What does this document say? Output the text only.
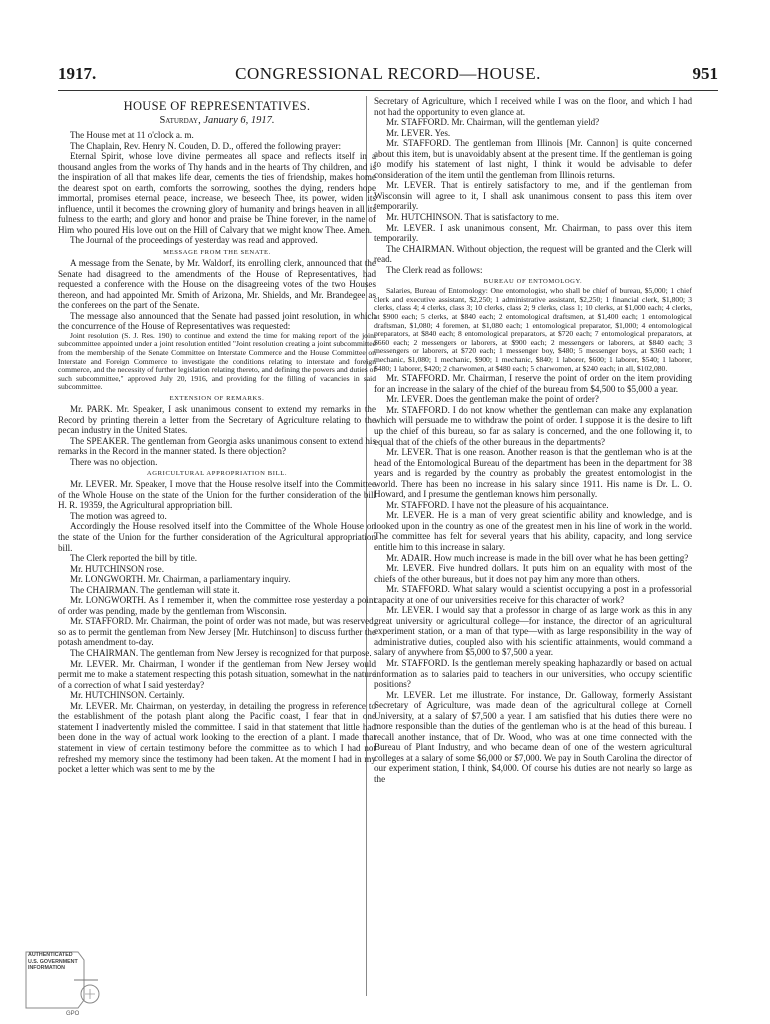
1917.	CONGRESSIONAL RECORD—HOUSE.	951
HOUSE OF REPRESENTATIVES.
Saturday, January 6, 1917.

The House met at 11 o'clock a. m.

The Chaplain, Rev. Henry N. Couden, D. D., offered the following prayer:

Eternal Spirit, whose love divine permeates all space and reflects itself in a thousand angles from the works of Thy hands and in the hearts of Thy children, and is the inspiration of all that makes life dear, cements the ties of friendship, makes home the dearest spot on earth, comforts the sorrowing, soothes the dying, renders hope immortal, promises eternal peace, increase, we beseech Thee, its power, widen its influence, until it becomes the crowning glory of humanity and brings heaven in all its fulness to the earth; and glory and honor and praise be Thine forever, in the name of Him who poured His love out on the Hill of Calvary that we might know Thee. Amen.

The Journal of the proceedings of yesterday was read and approved.

MESSAGE FROM THE SENATE.

A message from the Senate, by Mr. Waldorf, its enrolling clerk, announced that the Senate had disagreed to the amendments of the House of Representatives, had requested a conference with the House on the disagreeing votes of the two Houses thereon, and had appointed Mr. Smith of Arizona, Mr. Shields, and Mr. Brandegee as the conferees on the part of the Senate.

The message also announced that the Senate had passed joint resolution, in which the concurrence of the House of Representatives was requested:

Joint resolution (S. J. Res. 190) to continue and extend the time for making report of the joint subcommittee appointed under a joint resolution entitled "Joint resolution creating a joint subcommittee from the membership of the Senate Committee on Interstate Commerce and the House Committee on Interstate and Foreign Commerce to investigate the conditions relating to interstate and foreign commerce, and the necessity of further legislation relating thereto, and defining the powers and duties of such subcommittee," approved July 20, 1916, and providing for the filling of vacancies in said subcommittee.

EXTENSION OF REMARKS.

Mr. PARK. Mr. Speaker, I ask unanimous consent to extend my remarks in the Record by printing therein a letter from the Secretary of Agriculture relating to the pecan industry in the United States.

The SPEAKER. The gentleman from Georgia asks unanimous consent to extend his remarks in the Record in the manner stated. Is there objection?

There was no objection.

AGRICULTURAL APPROPRIATION BILL.

Mr. LEVER. Mr. Speaker, I move that the House resolve itself into the Committee of the Whole House on the state of the Union for the further consideration of the bill H. R. 19359, the Agricultural appropriation bill.

The motion was agreed to.

Accordingly the House resolved itself into the Committee of the Whole House on the state of the Union for the further consideration of the Agricultural appropriation bill.

The Clerk reported the bill by title.

Mr. HUTCHINSON rose.

Mr. LONGWORTH. Mr. Chairman, a parliamentary inquiry.

The CHAIRMAN. The gentleman will state it.

Mr. LONGWORTH. As I remember it, when the committee rose yesterday a point of order was pending, made by the gentleman from Wisconsin.

Mr. STAFFORD. Mr. Chairman, the point of order was not made, but was reserved, so as to permit the gentleman from New Jersey [Mr. Hutchinson] to discuss further the potash amendment to-day.

The CHAIRMAN. The gentleman from New Jersey is recognized for that purpose.

Mr. LEVER. Mr. Chairman, I wonder if the gentleman from New Jersey would permit me to make a statement respecting this potash situation, somewhat in the nature of a correction of what I said yesterday?

Mr. HUTCHINSON. Certainly.

Mr. LEVER. Mr. Chairman, on yesterday, in detailing the progress in reference to the establishment of the potash plant along the Pacific coast, I fear that in one statement I inadvertently misled the committee. I said in that statement that little had been done in the way of actual work looking to the erection of a plant. I made that statement in view of certain testimony before the committee as to which I had not refreshed my memory since the testimony had been taken. At the moment I had in my pocket a letter which was sent to me by the

Secretary of Agriculture, which I received while I was on the floor, and which I had not had the opportunity to even glance at.

Mr. STAFFORD. Mr. Chairman, will the gentleman yield?

Mr. LEVER. Yes.

Mr. STAFFORD. The gentleman from Illinois [Mr. Cannon] is quite concerned about this item, but is unavoidably absent at the present time. If the gentleman is going to modify his statement of last night, I think it would be advisable to defer consideration of the item until the gentleman from Illinois returns.

Mr. LEVER. That is entirely satisfactory to me, and if the gentleman from Wisconsin will agree to it, I shall ask unanimous consent to pass this item over temporarily.

Mr. HUTCHINSON. That is satisfactory to me.

Mr. LEVER. I ask unanimous consent, Mr. Chairman, to pass over this item temporarily.

The CHAIRMAN. Without objection, the request will be granted and the Clerk will read.

The Clerk read as follows:

BUREAU OF ENTOMOLOGY.

Salaries, Bureau of Entomology: One entomologist, who shall be chief of bureau, $5,000; 1 chief clerk and executive assistant, $2,250; 1 administrative assistant, $2,250; 1 financial clerk, $1,800; 3 clerks, class 4; 4 clerks, class 3; 10 clerks, class 2; 9 clerks, class 1; 10 clerks, at $1,000 each; 4 clerks, at $900 each; 5 clerks, at $840 each; 2 entomological draftsmen, at $1,400 each; 1 entomological draftsman, $1,080; 4 foremen, at $1,080 each; 1 entomological preparator, $1,000; 4 entomological preparators, at $840 each; 8 entomological preparators, at $720 each; 7 entomological preparators, at $660 each; 2 messengers or laborers, at $900 each; 2 messengers or laborers, at $840 each; 3 messengers or laborers, at $720 each; 1 messenger boy, $480; 5 messenger boys, at $360 each; 1 mechanic, $1,080; 1 mechanic, $900; 1 mechanic, $840; 1 laborer, $600; 1 laborer, $540; 1 laborer, $480; 1 laborer, $420; 2 charwomen, at $480 each; 5 charwomen, at $240 each; in all, $102,080.

Mr. STAFFORD. Mr. Chairman, I reserve the point of order on the item providing for an increase in the salary of the chief of the bureau from $4,500 to $5,000 a year.

Mr. LEVER. Does the gentleman make the point of order?

Mr. STAFFORD. I do not know whether the gentleman can make any explanation which will persuade me to withdraw the point of order. I suppose it is the desire to lift up the chief of this bureau, so far as salary is concerned, and the one following it, to equal that of the chiefs of the other bureaus in the departments?

Mr. LEVER. That is one reason. Another reason is that the gentleman who is at the head of the Entomological Bureau of the department has been in the department for 38 years and is regarded by the country as probably the greatest entomologist in the world. There has been no increase in his salary since 1911. His name is Dr. L. O. Howard, and I presume the gentleman knows him personally.

Mr. STAFFORD. I have not the pleasure of his acquaintance.

Mr. LEVER. He is a man of very great scientific ability and knowledge, and is looked upon in the country as one of the greatest men in his line of work in the world. The committee has felt for several years that his ability, capacity, and long service entitle him to this increase in salary.

Mr. ADAIR. How much increase is made in the bill over what he has been getting?

Mr. LEVER. Five hundred dollars. It puts him on an equality with most of the chiefs of the other bureaus, but it does not pay him any more than others.

Mr. STAFFORD. What salary would a scientist occupying a post in a professorial capacity at one of our universities receive for this character of work?

Mr. LEVER. I would say that a professor in charge of as large work as this in any great university or agricultural college—for instance, the director of an agricultural experiment station, or a man of that type—with as large responsibility in the way of administrative duties, coupled also with his scientific attainments, would command a salary of anywhere from $5,000 to $7,500 a year.

Mr. STAFFORD. Is the gentleman merely speaking haphazardly or based on actual information as to salaries paid to teachers in our universities, who occupy scientific positions?

Mr. LEVER. Let me illustrate. For instance, Dr. Galloway, formerly Assistant Secretary of Agriculture, was made dean of the agricultural college at Cornell University, at a salary of $7,500 a year. I am satisfied that his duties there were no more responsible than the duties of the gentleman who is at the head of this bureau. I recall another instance, that of Dr. Wood, who was at one time connected with the Bureau of Plant Industry, and who became dean of one of the western agricultural colleges at a salary of some $6,000 or $7,000. We pay in South Carolina the director of our experiment station, I think, $4,000. Of course his duties are not nearly so large as the

AUTHENTICATED
U.S. GOVERNMENT
INFORMATION
GPO
